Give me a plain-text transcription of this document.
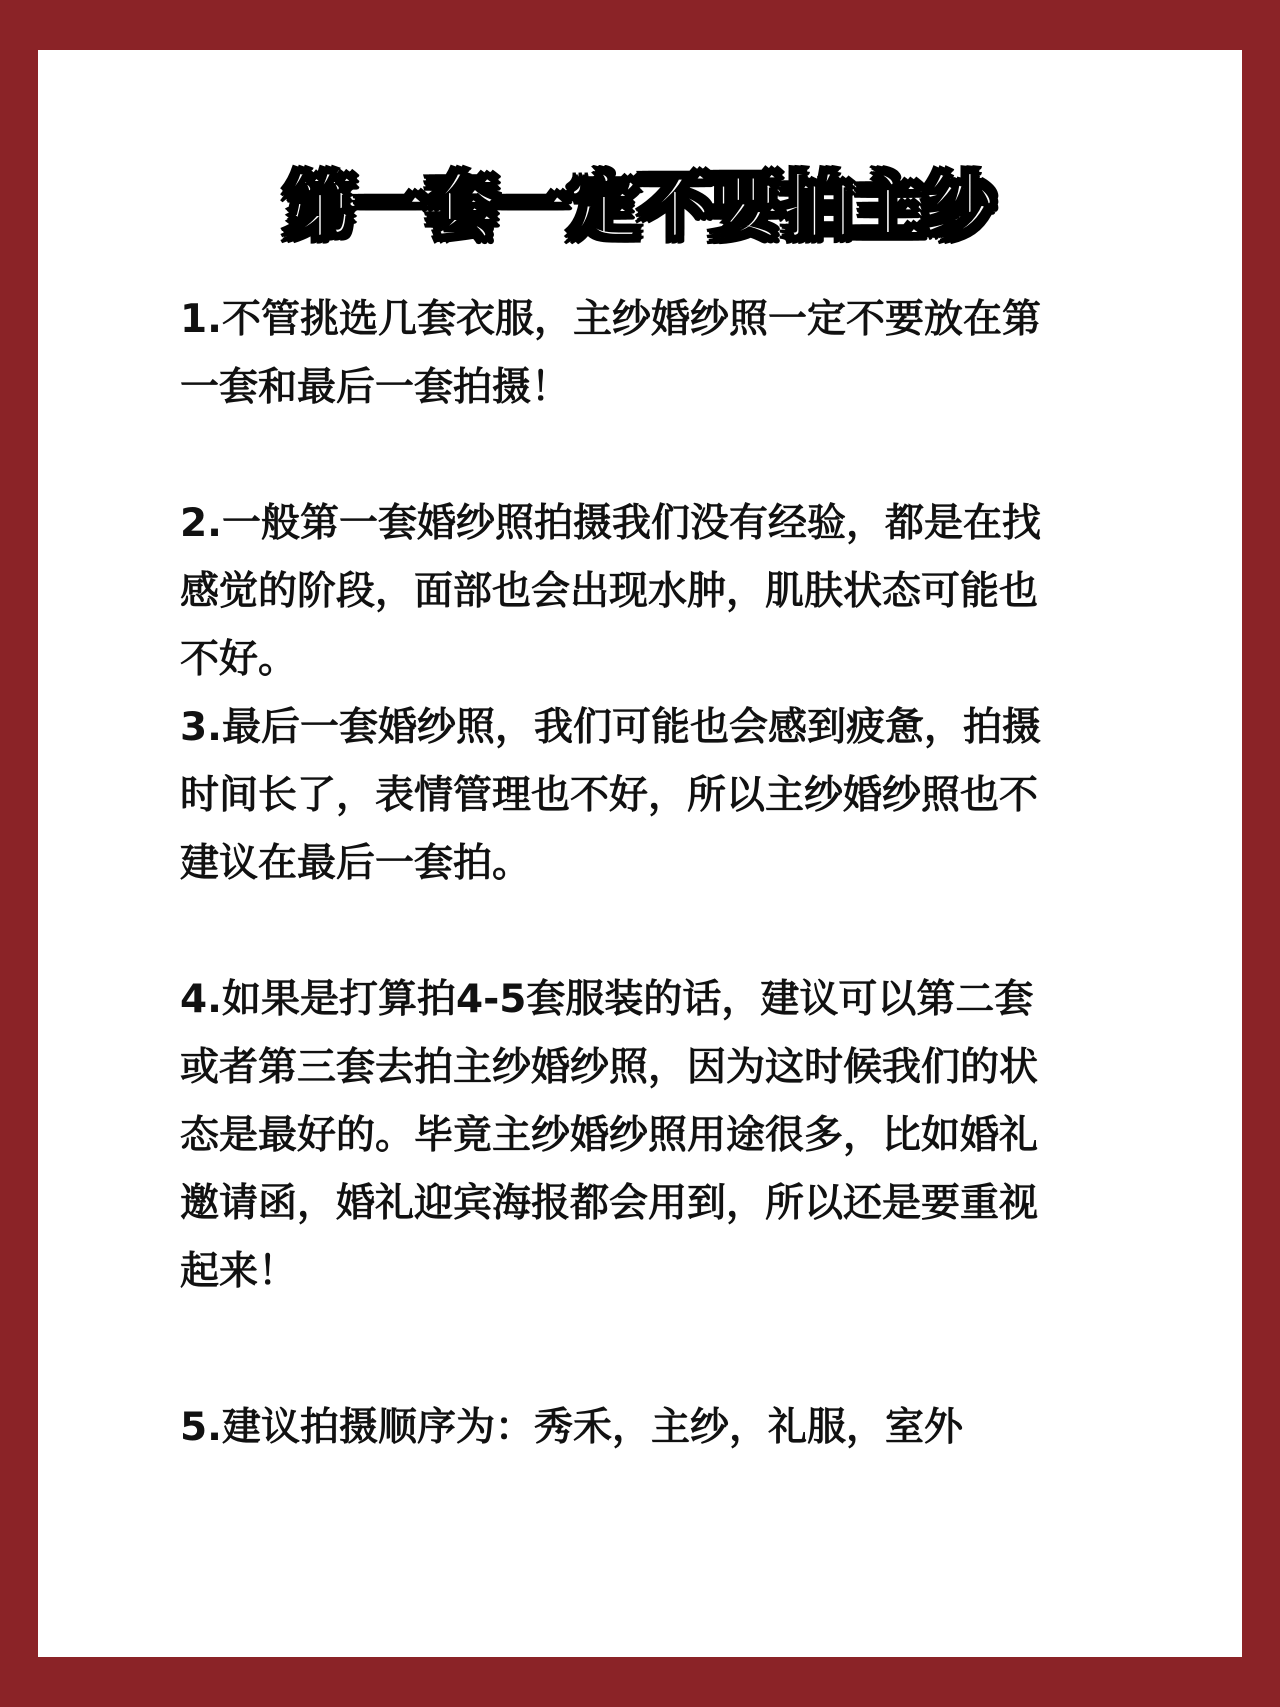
第一套一定不要拍主纱

1.不管挑选几套衣服，主纱婚纱照一定不要放在第
一套和最后一套拍摄！

2.一般第一套婚纱照拍摄我们没有经验，都是在找
感觉的阶段，面部也会出现水肿，肌肤状态可能也
不好。
3.最后一套婚纱照，我们可能也会感到疲惫，拍摄
时间长了，表情管理也不好，所以主纱婚纱照也不
建议在最后一套拍。

4.如果是打算拍4-5套服装的话，建议可以第二套
或者第三套去拍主纱婚纱照，因为这时候我们的状
态是最好的。毕竟主纱婚纱照用途很多，比如婚礼
邀请函，婚礼迎宾海报都会用到，所以还是要重视
起来！

5.建议拍摄顺序为：秀禾，主纱，礼服，室外
